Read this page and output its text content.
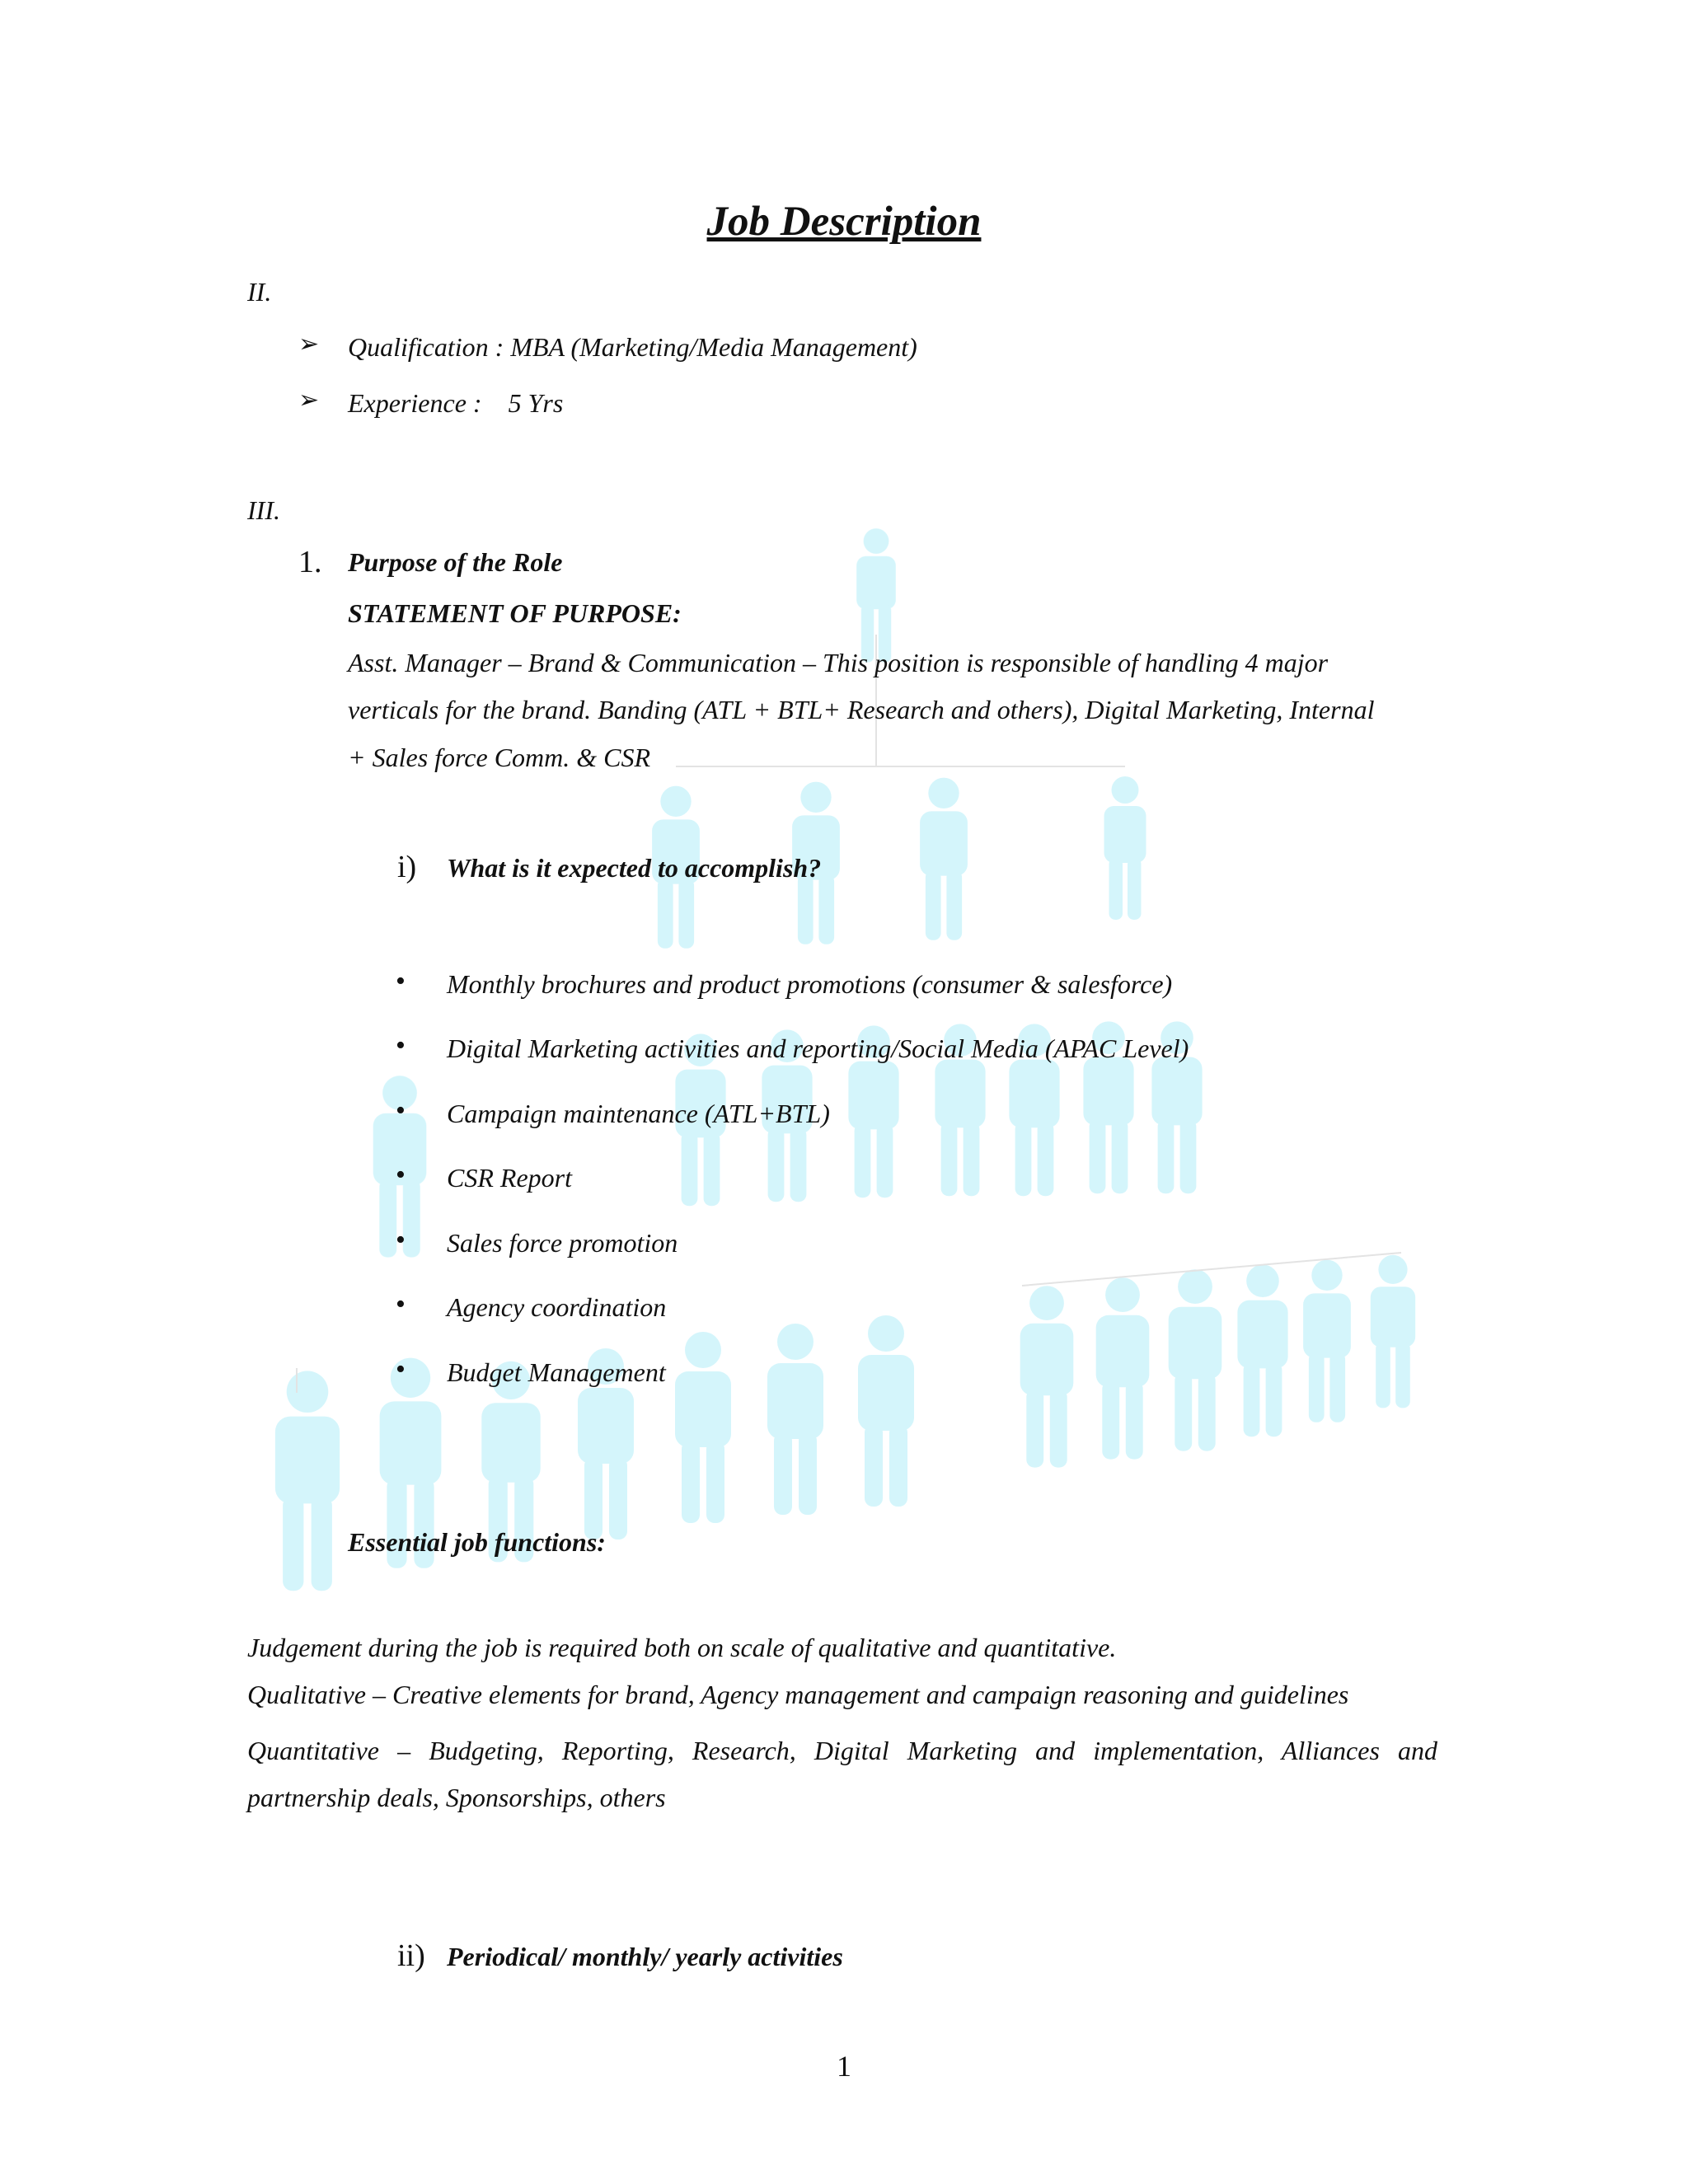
Job Description
II.
➢ Qualification : MBA (Marketing/Media Management)
➢ Experience :    5 Yrs
III.
1. Purpose of the Role
STATEMENT OF PURPOSE:
Asst. Manager – Brand & Communication – This position is responsible of handling 4 major
verticals for the brand. Banding (ATL + BTL+ Research and others), Digital Marketing, Internal
+ Sales force Comm. & CSR
i) What is it expected to accomplish?
• Monthly brochures and product promotions (consumer & salesforce)
• Digital Marketing activities and reporting/Social Media (APAC Level)
• Campaign maintenance (ATL+BTL)
• CSR Report
• Sales force promotion
• Agency coordination
• Budget Management
Essential job functions:
Judgement during the job is required both on scale of qualitative and quantitative.
Qualitative – Creative elements for brand, Agency management and campaign reasoning and guidelines
Quantitative – Budgeting, Reporting, Research, Digital Marketing and implementation, Alliances and partnership deals, Sponsorships, others
ii) Periodical/ monthly/ yearly activities
1
